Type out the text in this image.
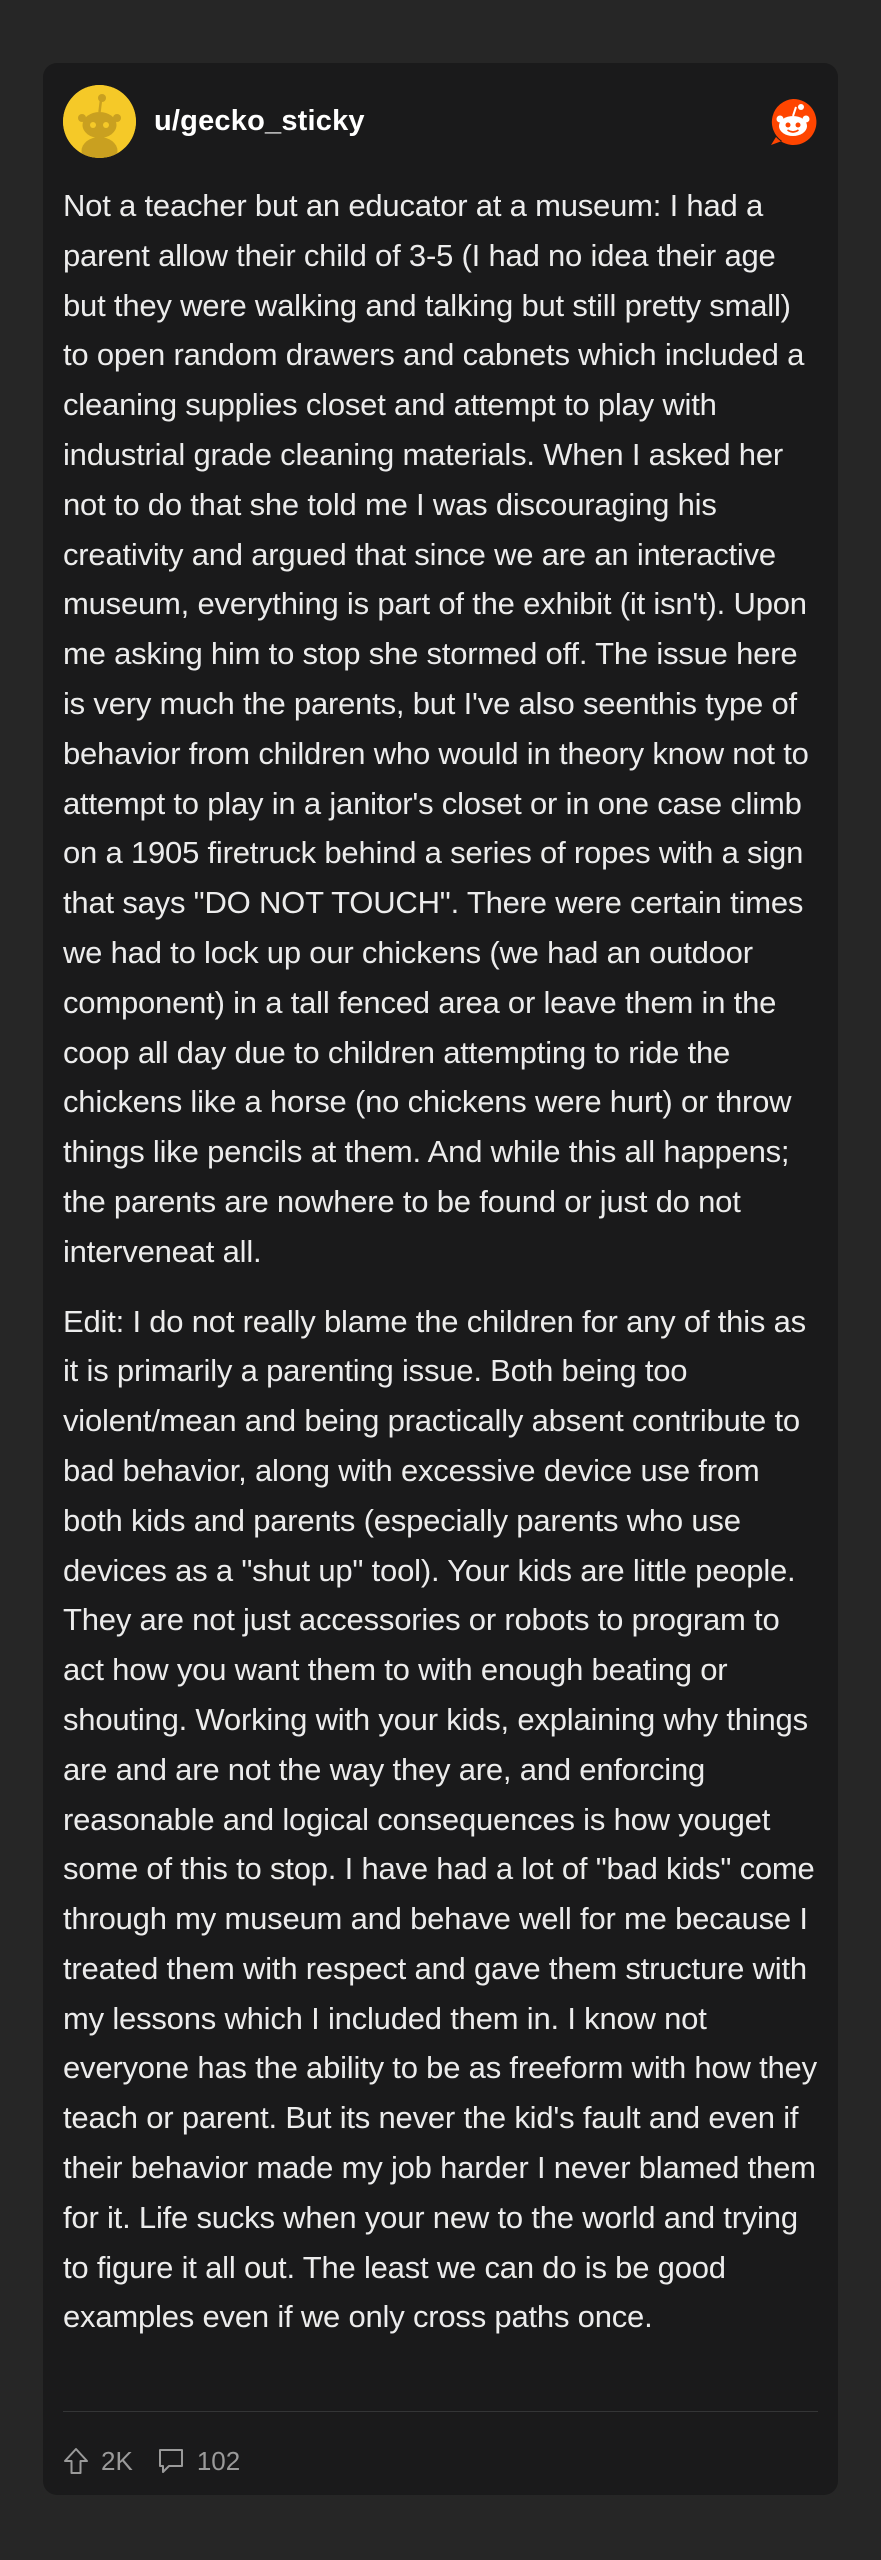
u/gecko_sticky

Not a teacher but an educator at a museum: I had a parent allow their child of 3-5 (I had no idea their age but they were walking and talking but still pretty small) to open random drawers and cabnets which included a cleaning supplies closet and attempt to play with industrial grade cleaning materials. When I asked her not to do that she told me I was discouraging his creativity and argued that since we are an interactive museum, everything is part of the exhibit (it isn't). Upon me asking him to stop she stormed off. The issue here is very much the parents, but I've also seenthis type of behavior from children who would in theory know not to attempt to play in a janitor's closet or in one case climb on a 1905 firetruck behind a series of ropes with a sign that says "DO NOT TOUCH". There were certain times we had to lock up our chickens (we had an outdoor component) in a tall fenced area or leave them in the coop all day due to children attempting to ride the chickens like a horse (no chickens were hurt) or throw things like pencils at them. And while this all happens; the parents are nowhere to be found or just do not interveneat all.

Edit: I do not really blame the children for any of this as it is primarily a parenting issue. Both being too violent/mean and being practically absent contribute to bad behavior, along with excessive device use from both kids and parents (especially parents who use devices as a "shut up" tool). Your kids are little people. They are not just accessories or robots to program to act how you want them to with enough beating or shouting. Working with your kids, explaining why things are and are not the way they are, and enforcing reasonable and logical consequences is how youget some of this to stop. I have had a lot of "bad kids" come through my museum and behave well for me because I treated them with respect and gave them structure with my lessons which I included them in. I know not everyone has the ability to be as freeform with how they teach or parent. But its never the kid's fault and even if their behavior made my job harder I never blamed them for it. Life sucks when your new to the world and trying to figure it all out. The least we can do is be good examples even if we only cross paths once.

2K 102
